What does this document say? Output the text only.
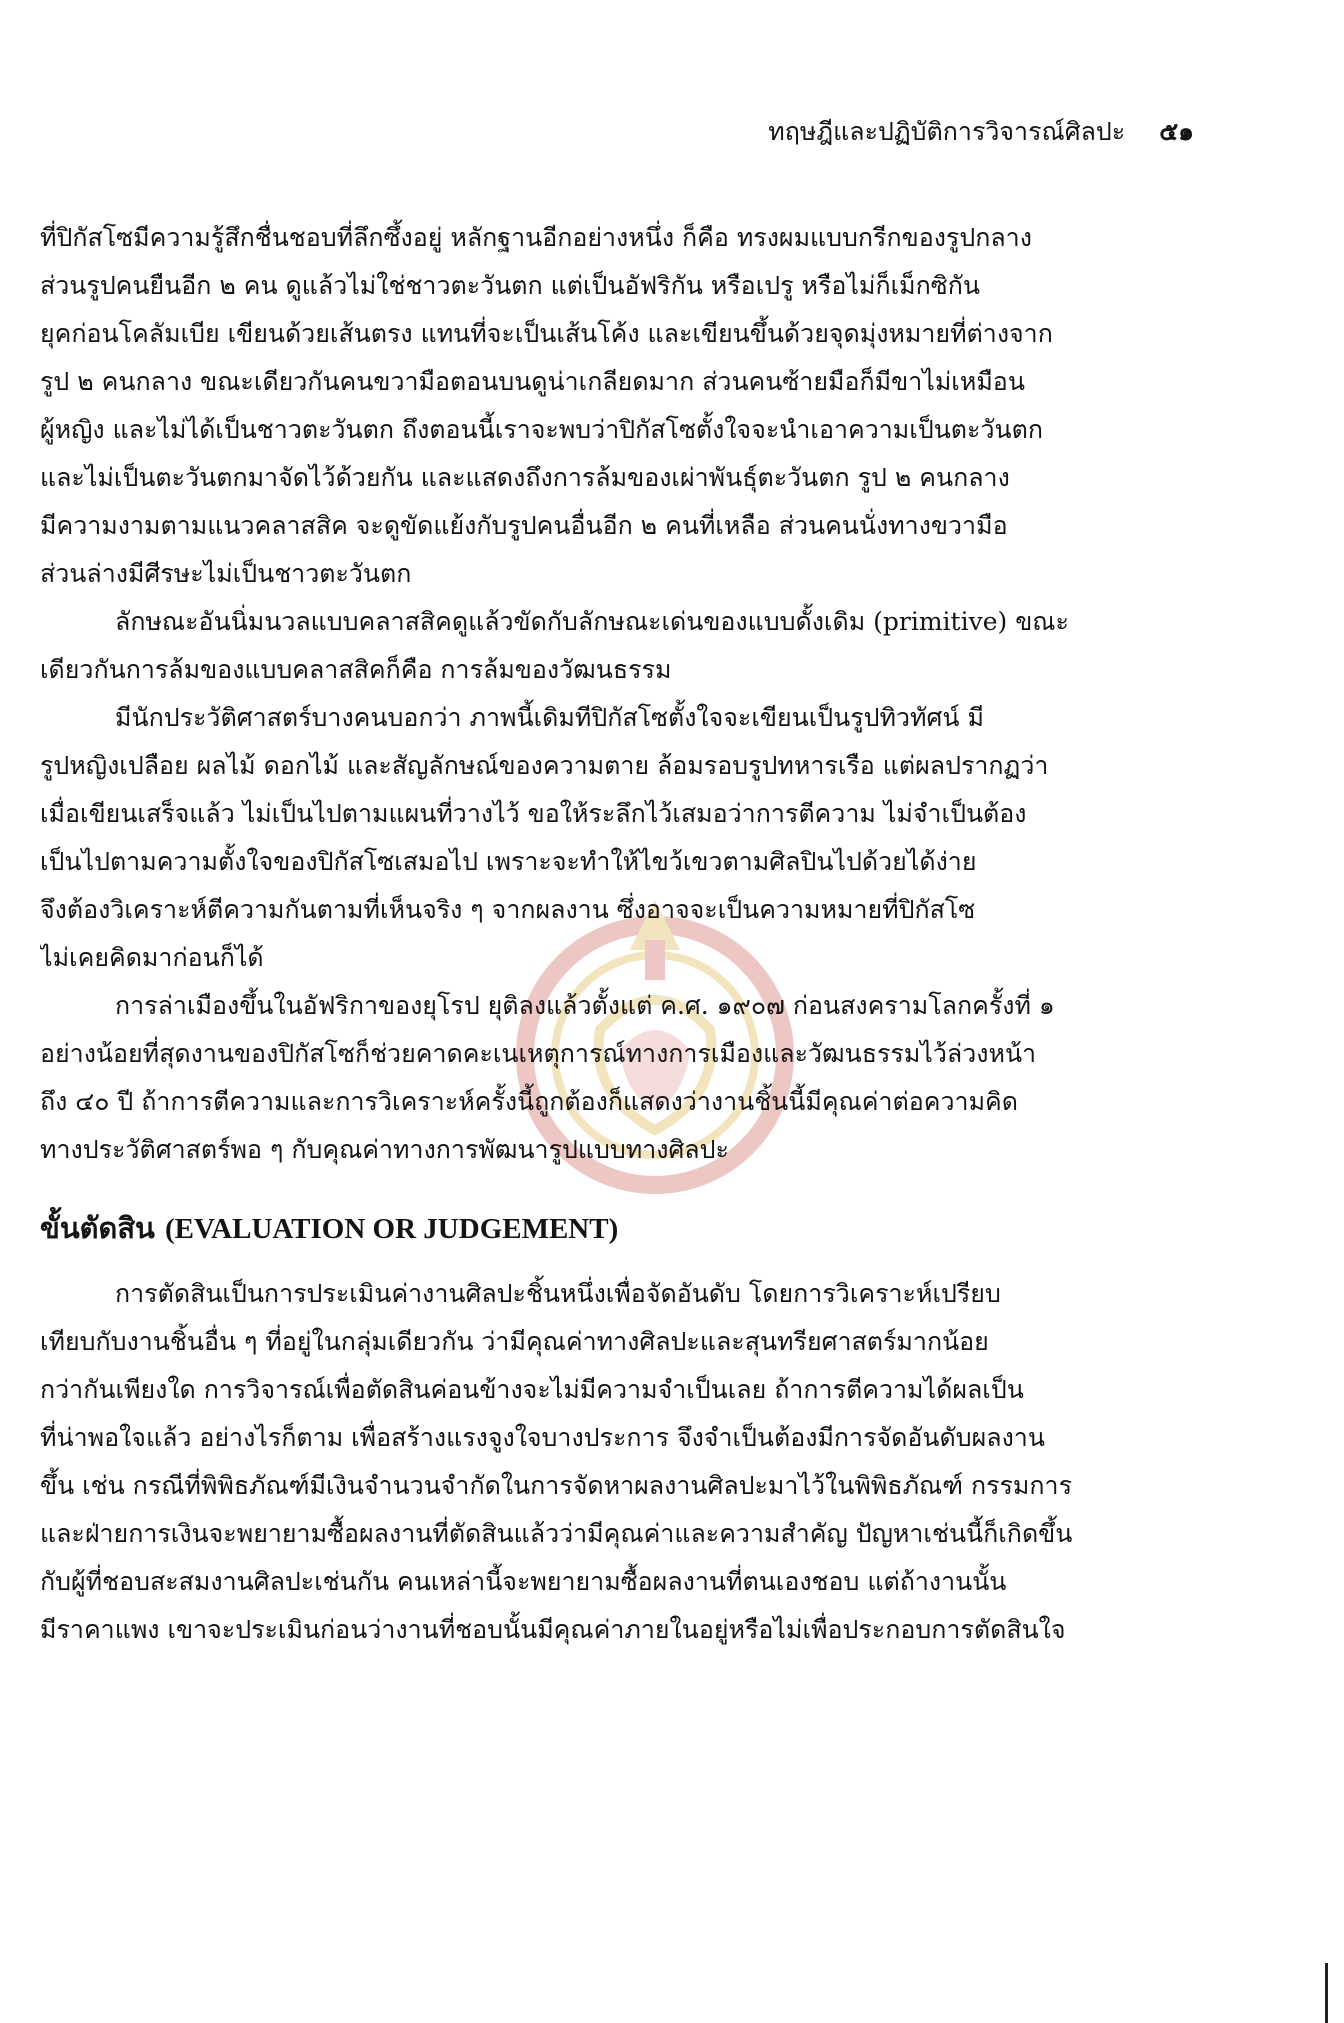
ทฤษฎีและปฏิบัติการวิจารณ์ศิลปะ ๕๑
ที่ปิกัสโซมีความรู้สึกชื่นชอบที่ลึกซึ้งอยู่ หลักฐานอีกอย่างหนึ่ง ก็คือ ทรงผมแบบกรีกของรูปกลาง
ส่วนรูปคนยืนอีก ๒ คน ดูแล้วไม่ใช่ชาวตะวันตก แต่เป็นอัฟริกัน หรือเปรู หรือไม่ก็เม็กซิกัน
ยุคก่อนโคลัมเบีย เขียนด้วยเส้นตรง แทนที่จะเป็นเส้นโค้ง และเขียนขึ้นด้วยจุดมุ่งหมายที่ต่างจาก
รูป ๒ คนกลาง ขณะเดียวกันคนขวามือตอนบนดูน่าเกลียดมาก ส่วนคนซ้ายมือก็มีขาไม่เหมือน
ผู้หญิง และไม่ได้เป็นชาวตะวันตก ถึงตอนนี้เราจะพบว่าปิกัสโซตั้งใจจะนำเอาความเป็นตะวันตก
และไม่เป็นตะวันตกมาจัดไว้ด้วยกัน และแสดงถึงการล้มของเผ่าพันธุ์ตะวันตก รูป ๒ คนกลาง
มีความงามตามแนวคลาสสิค จะดูขัดแย้งกับรูปคนอื่นอีก ๒ คนที่เหลือ ส่วนคนนั่งทางขวามือ
ส่วนล่างมีศีรษะไม่เป็นชาวตะวันตก
ลักษณะอันนิ่มนวลแบบคลาสสิคดูแล้วขัดกับลักษณะเด่นของแบบดั้งเดิม (primitive) ขณะ
เดียวกันการล้มของแบบคลาสสิคก็คือ การล้มของวัฒนธรรม
มีนักประวัติศาสตร์บางคนบอกว่า ภาพนี้เดิมทีปิกัสโซตั้งใจจะเขียนเป็นรูปทิวทัศน์ มี
รูปหญิงเปลือย ผลไม้ ดอกไม้ และสัญลักษณ์ของความตาย ล้อมรอบรูปทหารเรือ แต่ผลปรากฏว่า
เมื่อเขียนเสร็จแล้ว ไม่เป็นไปตามแผนที่วางไว้ ขอให้ระลึกไว้เสมอว่าการตีความ ไม่จำเป็นต้อง
เป็นไปตามความตั้งใจของปิกัสโซเสมอไป เพราะจะทำให้ไขว้เขวตามศิลปินไปด้วยได้ง่าย
จึงต้องวิเคราะห์ตีความกันตามที่เห็นจริง ๆ จากผลงาน ซึ่งอาจจะเป็นความหมายที่ปิกัสโซ
ไม่เคยคิดมาก่อนก็ได้
การล่าเมืองขึ้นในอัฟริกาของยุโรป ยุติลงแล้วตั้งแต่ ค.ศ. ๑๙๐๗ ก่อนสงครามโลกครั้งที่ ๑
อย่างน้อยที่สุดงานของปิกัสโซก็ช่วยคาดคะเนเหตุการณ์ทางการเมืองและวัฒนธรรมไว้ล่วงหน้า
ถึง ๔๐ ปี ถ้าการตีความและการวิเคราะห์ครั้งนี้ถูกต้องก็แสดงว่างานชิ้นนี้มีคุณค่าต่อความคิด
ทางประวัติศาสตร์พอ ๆ กับคุณค่าทางการพัฒนารูปแบบทางศิลปะ
ขั้นตัดสิน (EVALUATION OR JUDGEMENT)
การตัดสินเป็นการประเมินค่างานศิลปะชิ้นหนึ่งเพื่อจัดอันดับ โดยการวิเคราะห์เปรียบ
เทียบกับงานชิ้นอื่น ๆ ที่อยู่ในกลุ่มเดียวกัน ว่ามีคุณค่าทางศิลปะและสุนทรียศาสตร์มากน้อย
กว่ากันเพียงใด การวิจารณ์เพื่อตัดสินค่อนข้างจะไม่มีความจำเป็นเลย ถ้าการตีความได้ผลเป็น
ที่น่าพอใจแล้ว อย่างไรก็ตาม เพื่อสร้างแรงจูงใจบางประการ จึงจำเป็นต้องมีการจัดอันดับผลงาน
ขึ้น เช่น กรณีที่พิพิธภัณฑ์มีเงินจำนวนจำกัดในการจัดหาผลงานศิลปะมาไว้ในพิพิธภัณฑ์ กรรมการ
และฝ่ายการเงินจะพยายามซื้อผลงานที่ตัดสินแล้วว่ามีคุณค่าและความสำคัญ ปัญหาเช่นนี้ก็เกิดขึ้น
กับผู้ที่ชอบสะสมงานศิลปะเช่นกัน คนเหล่านี้จะพยายามซื้อผลงานที่ตนเองชอบ แต่ถ้างานนั้น
มีราคาแพง เขาจะประเมินก่อนว่างานที่ชอบนั้นมีคุณค่าภายในอยู่หรือไม่เพื่อประกอบการตัดสินใจ
